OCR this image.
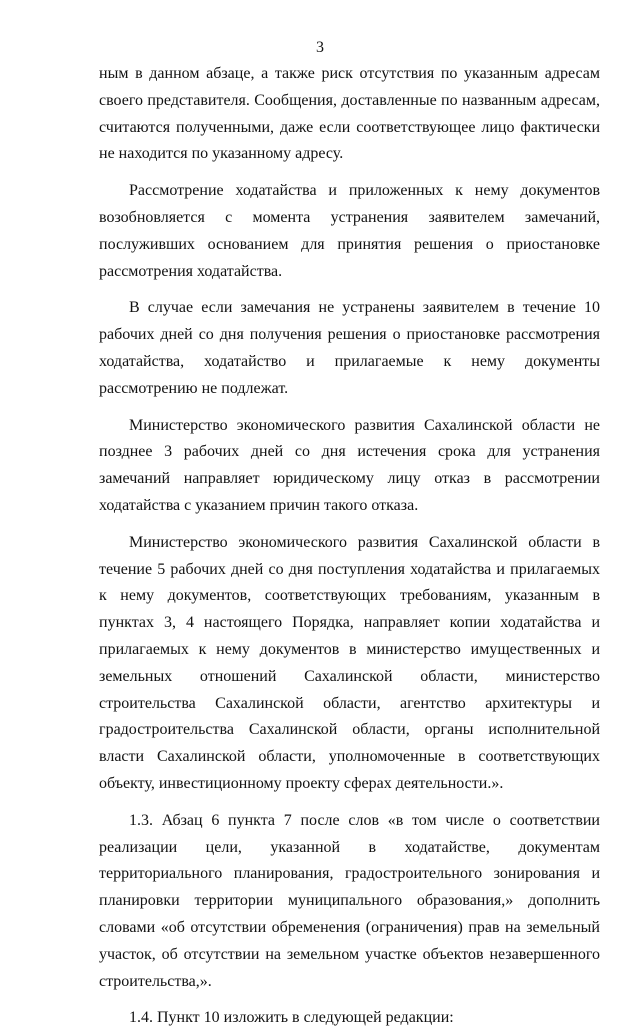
3

ным в данном абзаце, а также риск отсутствия по указанным адресам своего представителя. Сообщения, доставленные по названным адресам, считаются полученными, даже если соответствующее лицо фактически не находится по указанному адресу.

Рассмотрение ходатайства и приложенных к нему документов возобновляется с момента устранения заявителем замечаний, послуживших основанием для принятия решения о приостановке рассмотрения ходатайства.

В случае если замечания не устранены заявителем в течение 10 рабочих дней со дня получения решения о приостановке рассмотрения ходатайства, ходатайство и прилагаемые к нему документы рассмотрению не подлежат.

Министерство экономического развития Сахалинской области не позднее 3 рабочих дней со дня истечения срока для устранения замечаний направляет юридическому лицу отказ в рассмотрении ходатайства с указанием причин такого отказа.

Министерство экономического развития Сахалинской области в течение 5 рабочих дней со дня поступления ходатайства и прилагаемых к нему документов, соответствующих требованиям, указанным в пунктах 3, 4 настоящего Порядка, направляет копии ходатайства и прилагаемых к нему документов в министерство имущественных и земельных отношений Сахалинской области, министерство строительства Сахалинской области, агентство архитектуры и градостроительства Сахалинской области, органы исполнительной власти Сахалинской области, уполномоченные в соответствующих объекту, инвестиционному проекту сферах деятельности.».

1.3. Абзац 6 пункта 7 после слов «в том числе о соответствии реализации цели, указанной в ходатайстве, документам территориального планирования, градостроительного зонирования и планировки территории муниципального образования,» дополнить словами «об отсутствии обременения (ограничения) прав на земельный участок, об отсутствии на земельном участке объектов незавершенного строительства,».

1.4. Пункт 10 изложить в следующей редакции:
